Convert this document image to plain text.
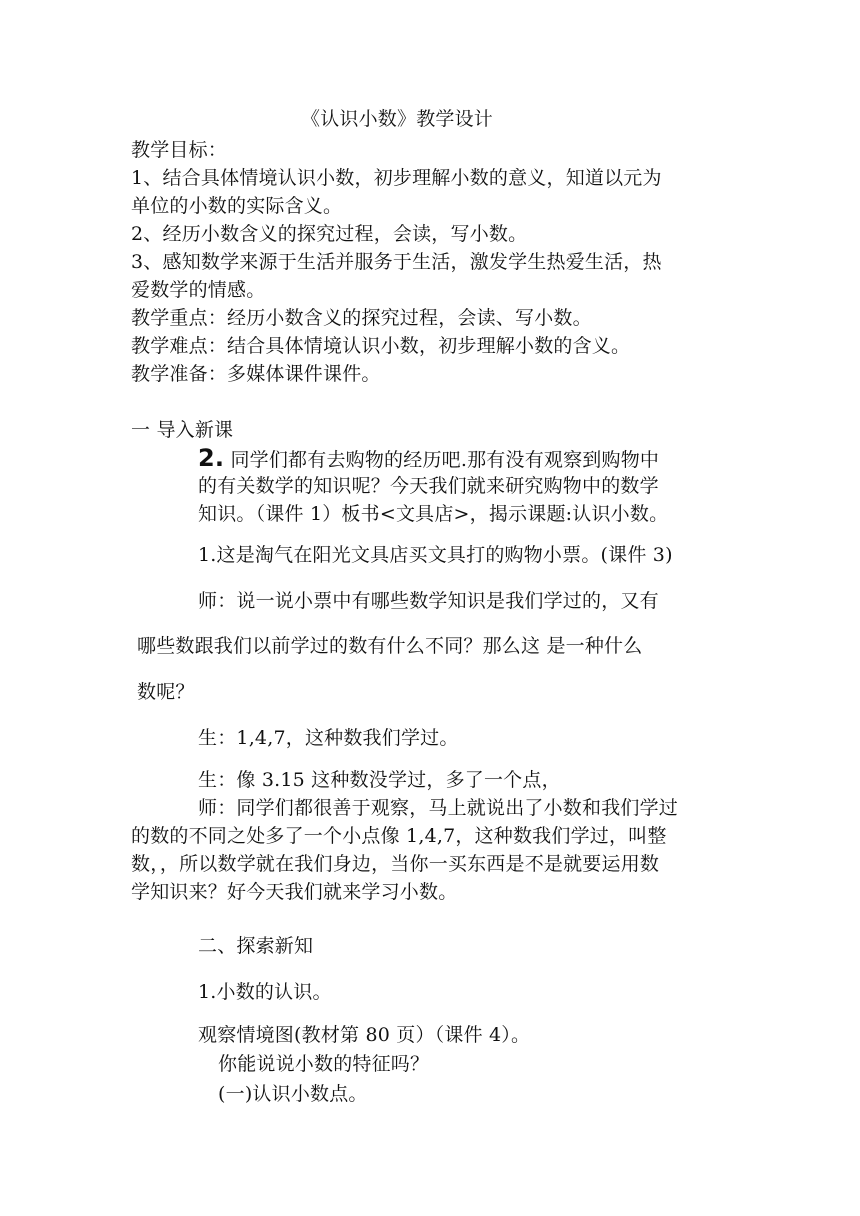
《认识小数》教学设计
教学目标：
1、结合具体情境认识小数，初步理解小数的意义，知道以元为
单位的小数的实际含义。
2、经历小数含义的探究过程，会读，写小数。
3、感知数学来源于生活并服务于生活，激发学生热爱生活，热
爱数学的情感。
教学重点：经历小数含义的探究过程，会读、写小数。
教学难点：结合具体情境认识小数，初步理解小数的含义。
教学准备：多媒体课件课件。
一 导入新课
2. 同学们都有去购物的经历吧.那有没有观察到购物中
的有关数学的知识呢？今天我们就来研究购物中的数学
知识。（课件 1）板书<文具店>，揭示课题:认识小数。
1.这是淘气在阳光文具店买文具打的购物小票。(课件 3)
师：说一说小票中有哪些数学知识是我们学过的，又有
哪些数跟我们以前学过的数有什么不同？那么这 是一种什么
数呢？
生：1,4,7，这种数我们学过。
生：像 3.15 这种数没学过，多了一个点，
师：同学们都很善于观察，马上就说出了小数和我们学过
的数的不同之处多了一个小点像 1,4,7，这种数我们学过，叫整
数，，所以数学就在我们身边，当你一买东西是不是就要运用数
学知识来？好今天我们就来学习小数。
二、探索新知
1.小数的认识。
观察情境图(教材第 80 页）（课件 4）。
你能说说小数的特征吗？
(一)认识小数点。
